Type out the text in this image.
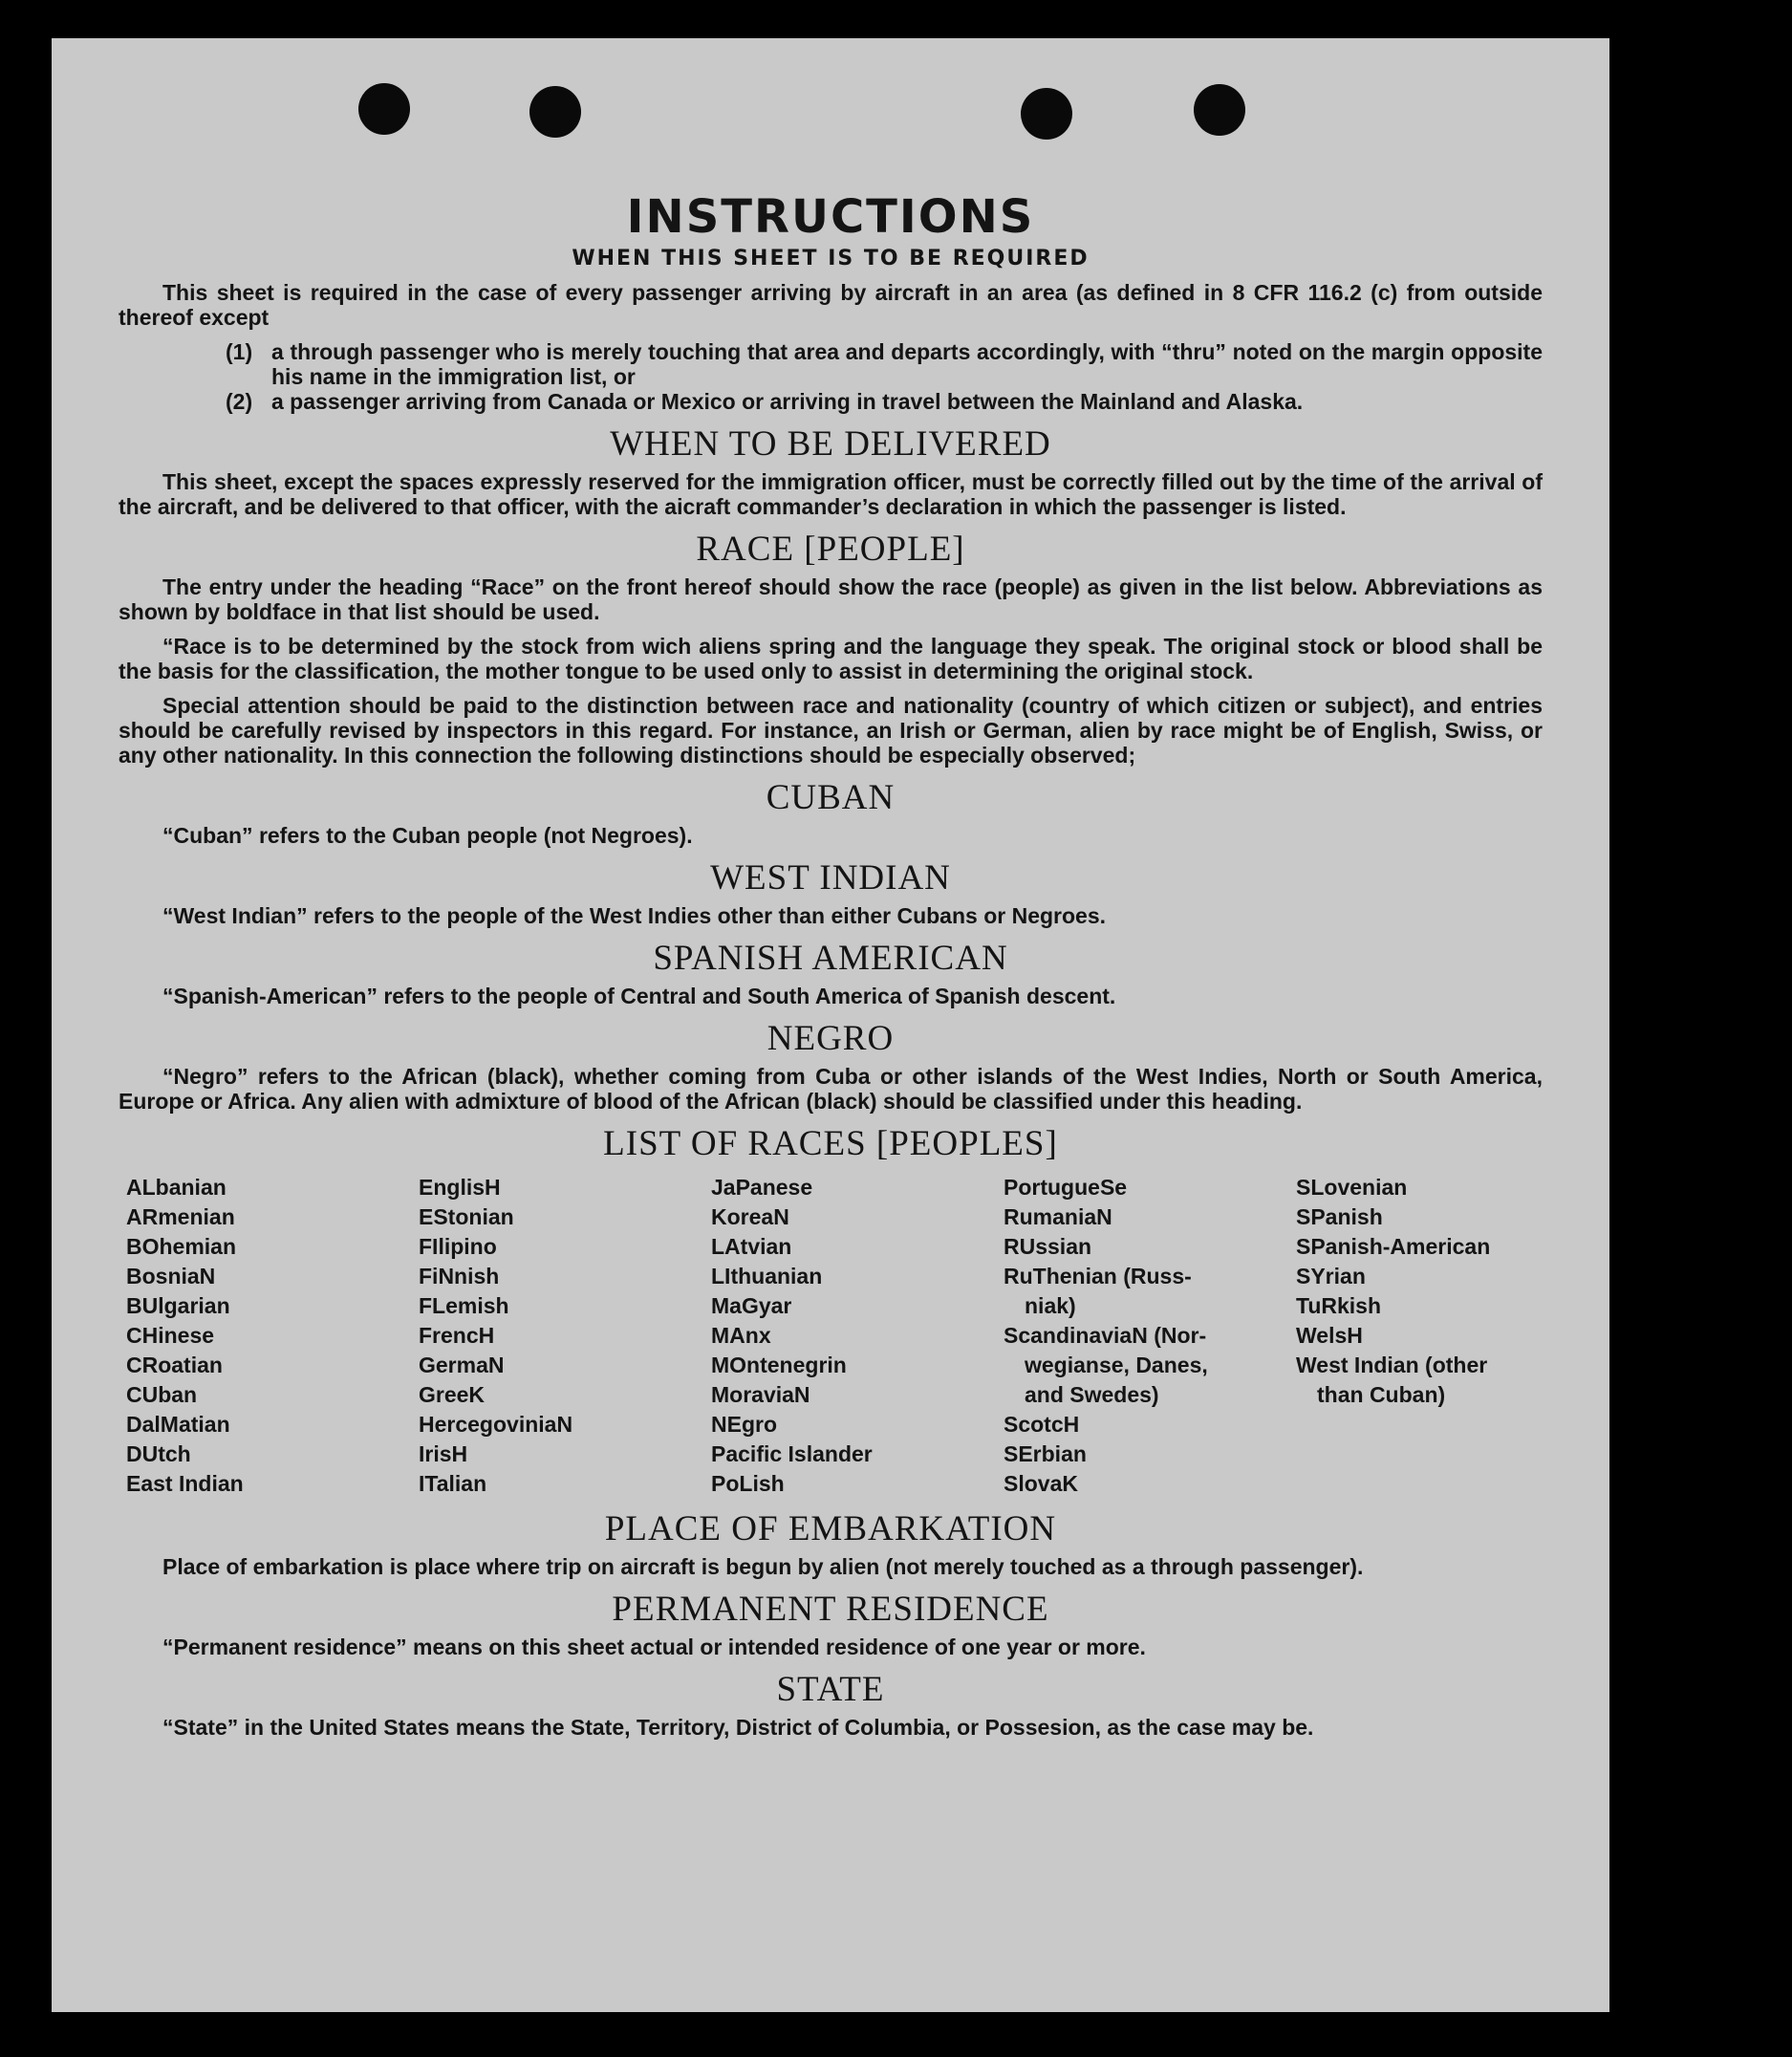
INSTRUCTIONS
WHEN THIS SHEET IS TO BE REQUIRED

This sheet is required in the case of every passenger arriving by aircraft in an area (as defined in 8 CFR 116.2 (c) from outside thereof except

(1) a through passenger who is merely touching that area and departs accordingly, with “thru” noted on the margin opposite his name in the immigration list, or
(2) a passenger arriving from Canada or Mexico or arriving in travel between the Mainland and Alaska.
WHEN TO BE DELIVERED

This sheet, except the spaces expressly reserved for the immigration officer, must be correctly filled out by the time of the arrival of the aircraft, and be delivered to that officer, with the aicraft commander’s declaration in which the passenger is listed.

RACE [PEOPLE]

The entry under the heading “Race” on the front hereof should show the race (people) as given in the list below. Abbreviations as shown by boldface in that list should be used.

“Race is to be determined by the stock from wich aliens spring and the language they speak. The original stock or blood shall be the basis for the classification, the mother tongue to be used only to assist in determining the original stock.

Special attention should be paid to the distinction between race and nationality (country of which citizen or subject), and entries should be carefully revised by inspectors in this regard. For instance, an Irish or German, alien by race might be of English, Swiss, or any other nationality. In this connection the following distinctions should be especially observed;

CUBAN

“Cuban” refers to the Cuban people (not Negroes).

WEST INDIAN

“West Indian” refers to the people of the West Indies other than either Cubans or Negroes.

SPANISH AMERICAN

“Spanish-American” refers to the people of Central and South America of Spanish descent.

NEGRO

“Negro” refers to the African (black), whether coming from Cuba or other islands of the West Indies, North or South America, Europe or Africa. Any alien with admixture of blood of the African (black) should be classified under this heading.

LIST OF RACES [PEOPLES]
ALbanian
ARmenian
BOhemian
BosniaN
BUlgarian
CHinese
CRoatian
CUban
DalMatian
DUtch
East Indian
EnglisH
EStonian
FIlipino
FiNnish
FLemish
FrencH
GermaN
GreeK
HercegoviniaN
IrisH
ITalian
JaPanese
KoreaN
LAtvian
LIthuanian
MaGyar
MAnx
MOntenegrin
MoraviaN
NEgro
Pacific Islander
PoLish
PortugueSe
RumaniaN
RUssian
RuThenian (Russ-
niak)
ScandinaviaN (Nor-
wegianse, Danes,
and Swedes)
ScotcH
SErbian
SlovaK
SLovenian
SPanish
SPanish-American
SYrian
TuRkish
WelsH
West Indian (other
than Cuban)
PLACE OF EMBARKATION

Place of embarkation is place where trip on aircraft is begun by alien (not merely touched as a through passenger).

PERMANENT RESIDENCE

“Permanent residence” means on this sheet actual or intended residence of one year or more.

STATE

“State” in the United States means the State, Territory, District of Columbia, or Possesion, as the case may be.
